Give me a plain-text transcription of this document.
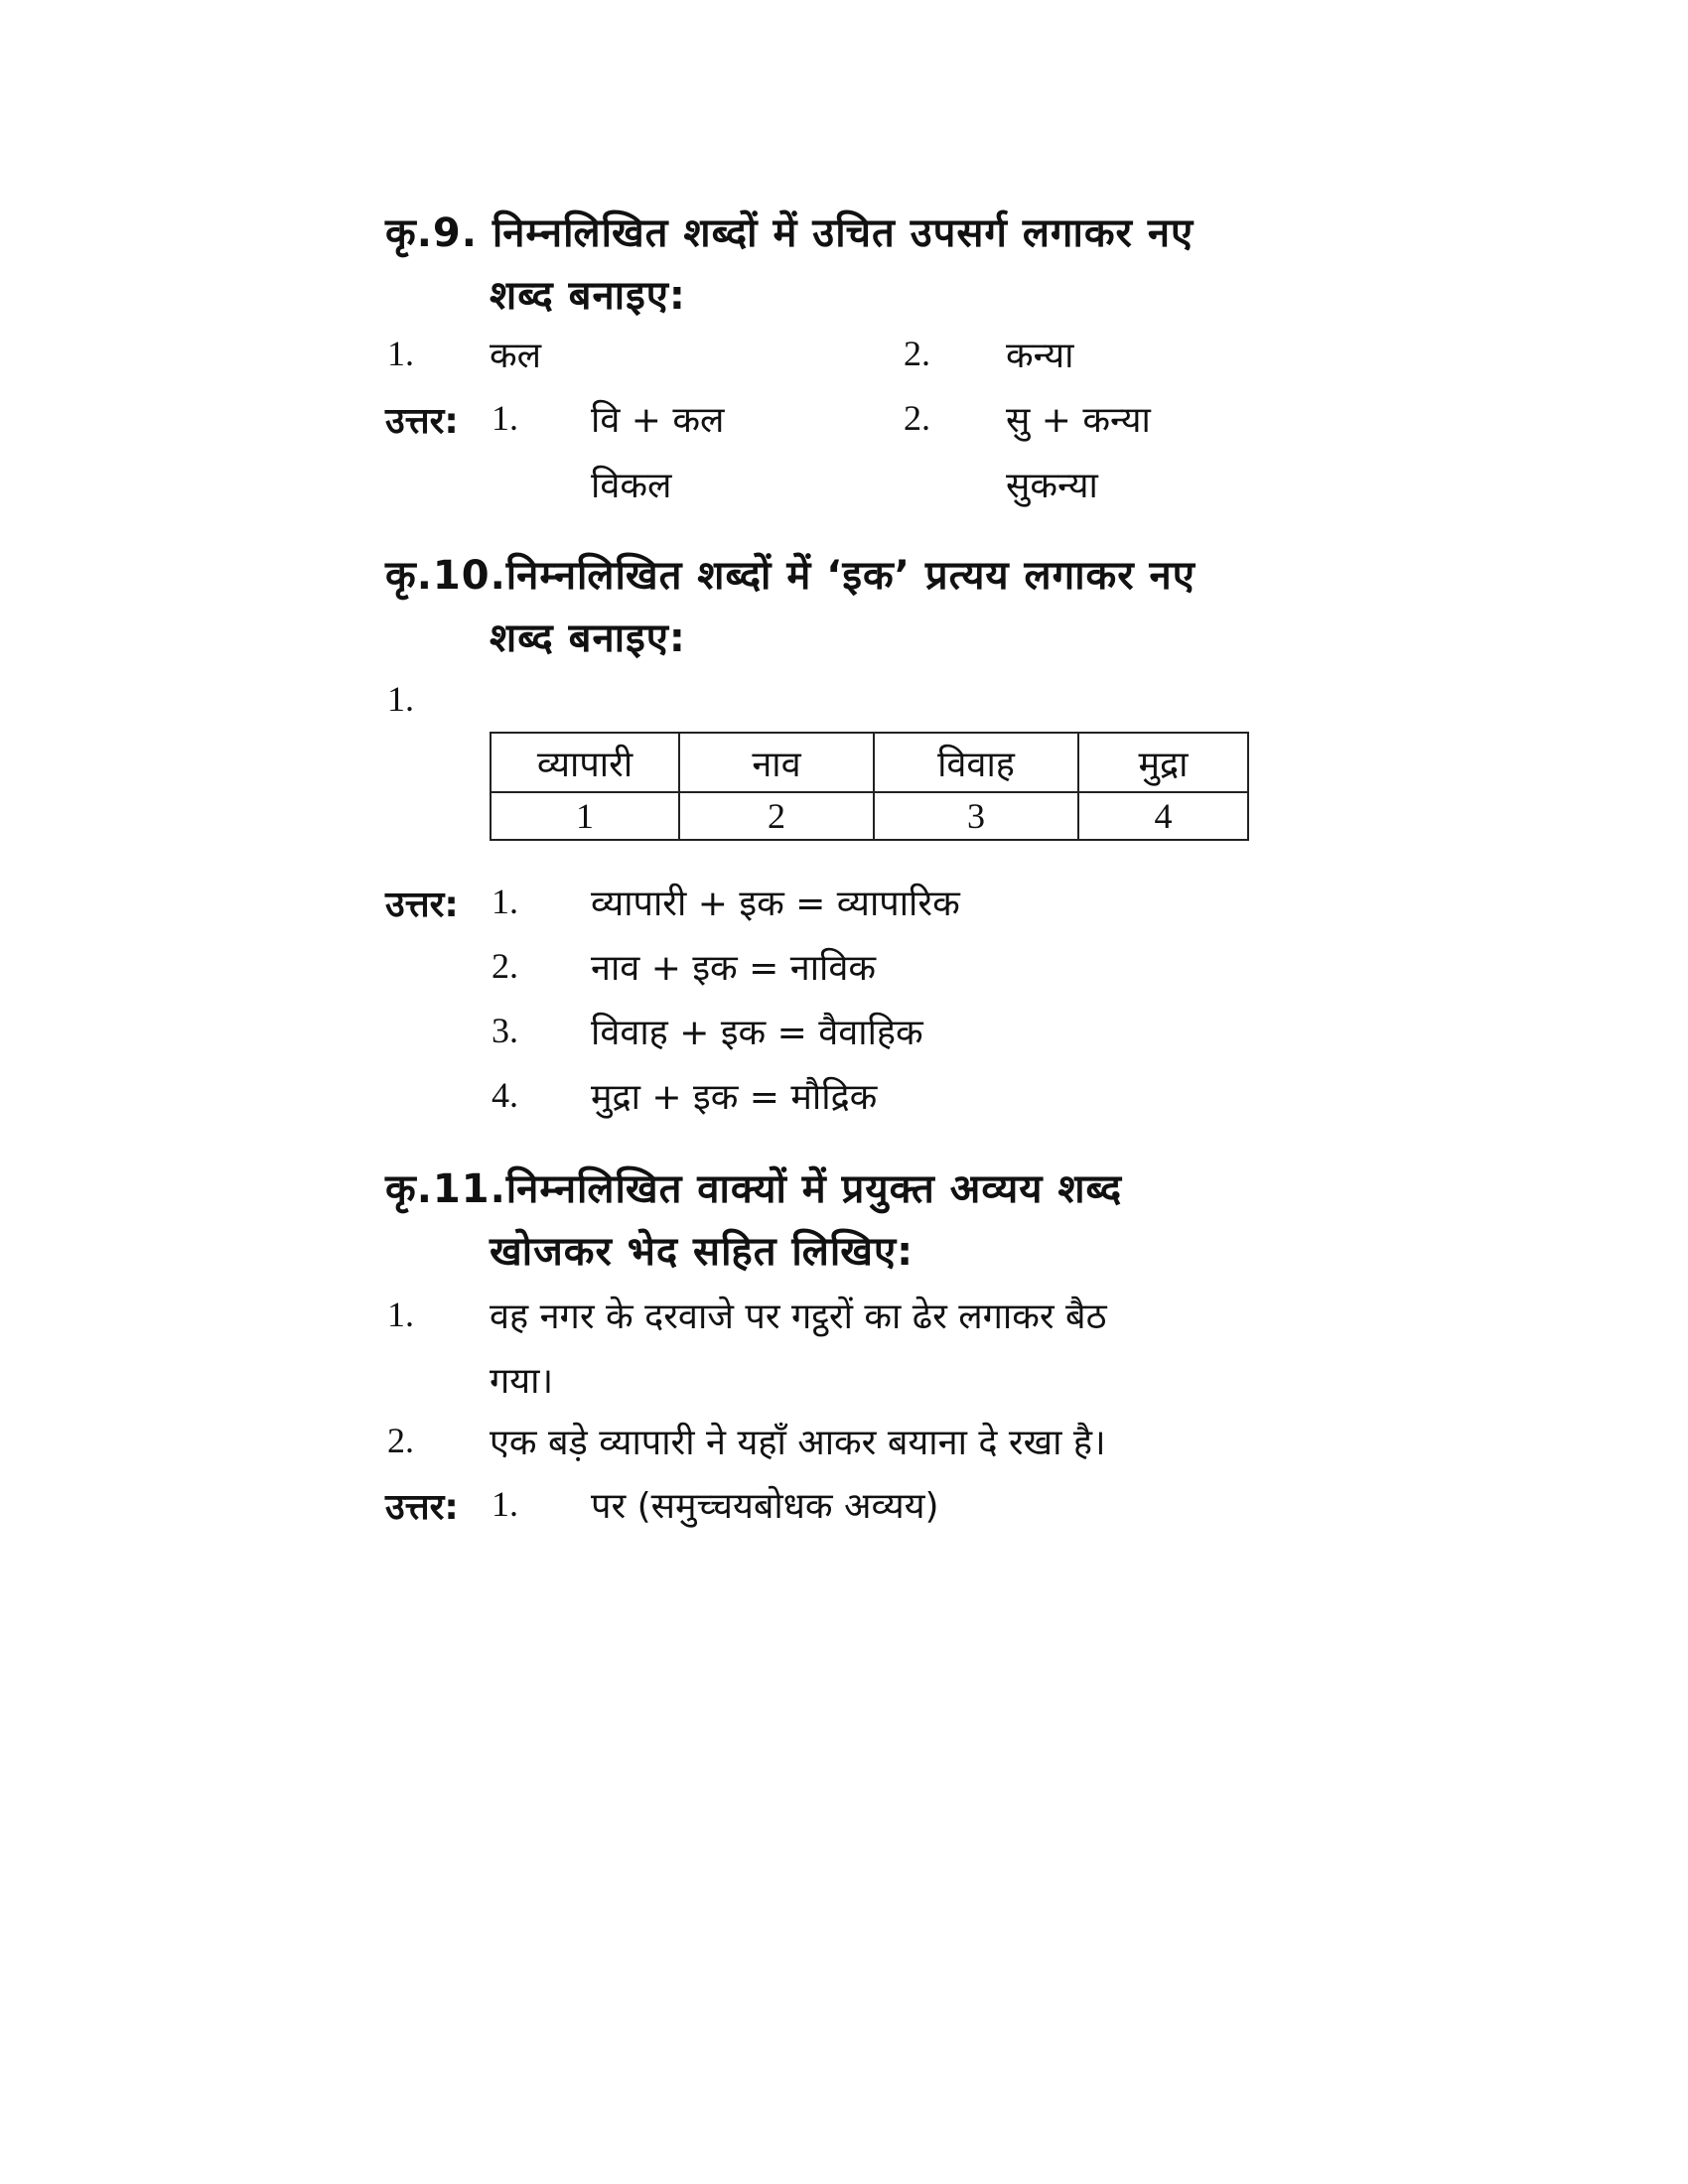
कृ.9. निम्नलिखित शब्दों में उचित उपसर्ग लगाकर नए
शब्द बनाइए:
1. कल	2. कन्या
उत्तर: 1. वि + कल	2. सु + कन्या
विकल	सुकन्या
कृ.10.निम्नलिखित शब्दों में ‘इक’ प्रत्यय लगाकर नए
शब्द बनाइए:
1.
व्यापारी	नाव	विवाह	मुद्रा
1	2	3	4
उत्तर: 1. व्यापारी + इक = व्यापारिक
2. नाव + इक = नाविक
3. विवाह + इक = वैवाहिक
4. मुद्रा + इक = मौद्रिक
कृ.11.निम्नलिखित वाक्यों में प्रयुक्त अव्यय शब्द
खोजकर भेद सहित लिखिए:
1. वह नगर के दरवाजे पर गट्ठरों का ढेर लगाकर बैठ
गया।
2. एक बड़े व्यापारी ने यहाँ आकर बयाना दे रखा है।
उत्तर: 1. पर (समुच्चयबोधक अव्यय)
